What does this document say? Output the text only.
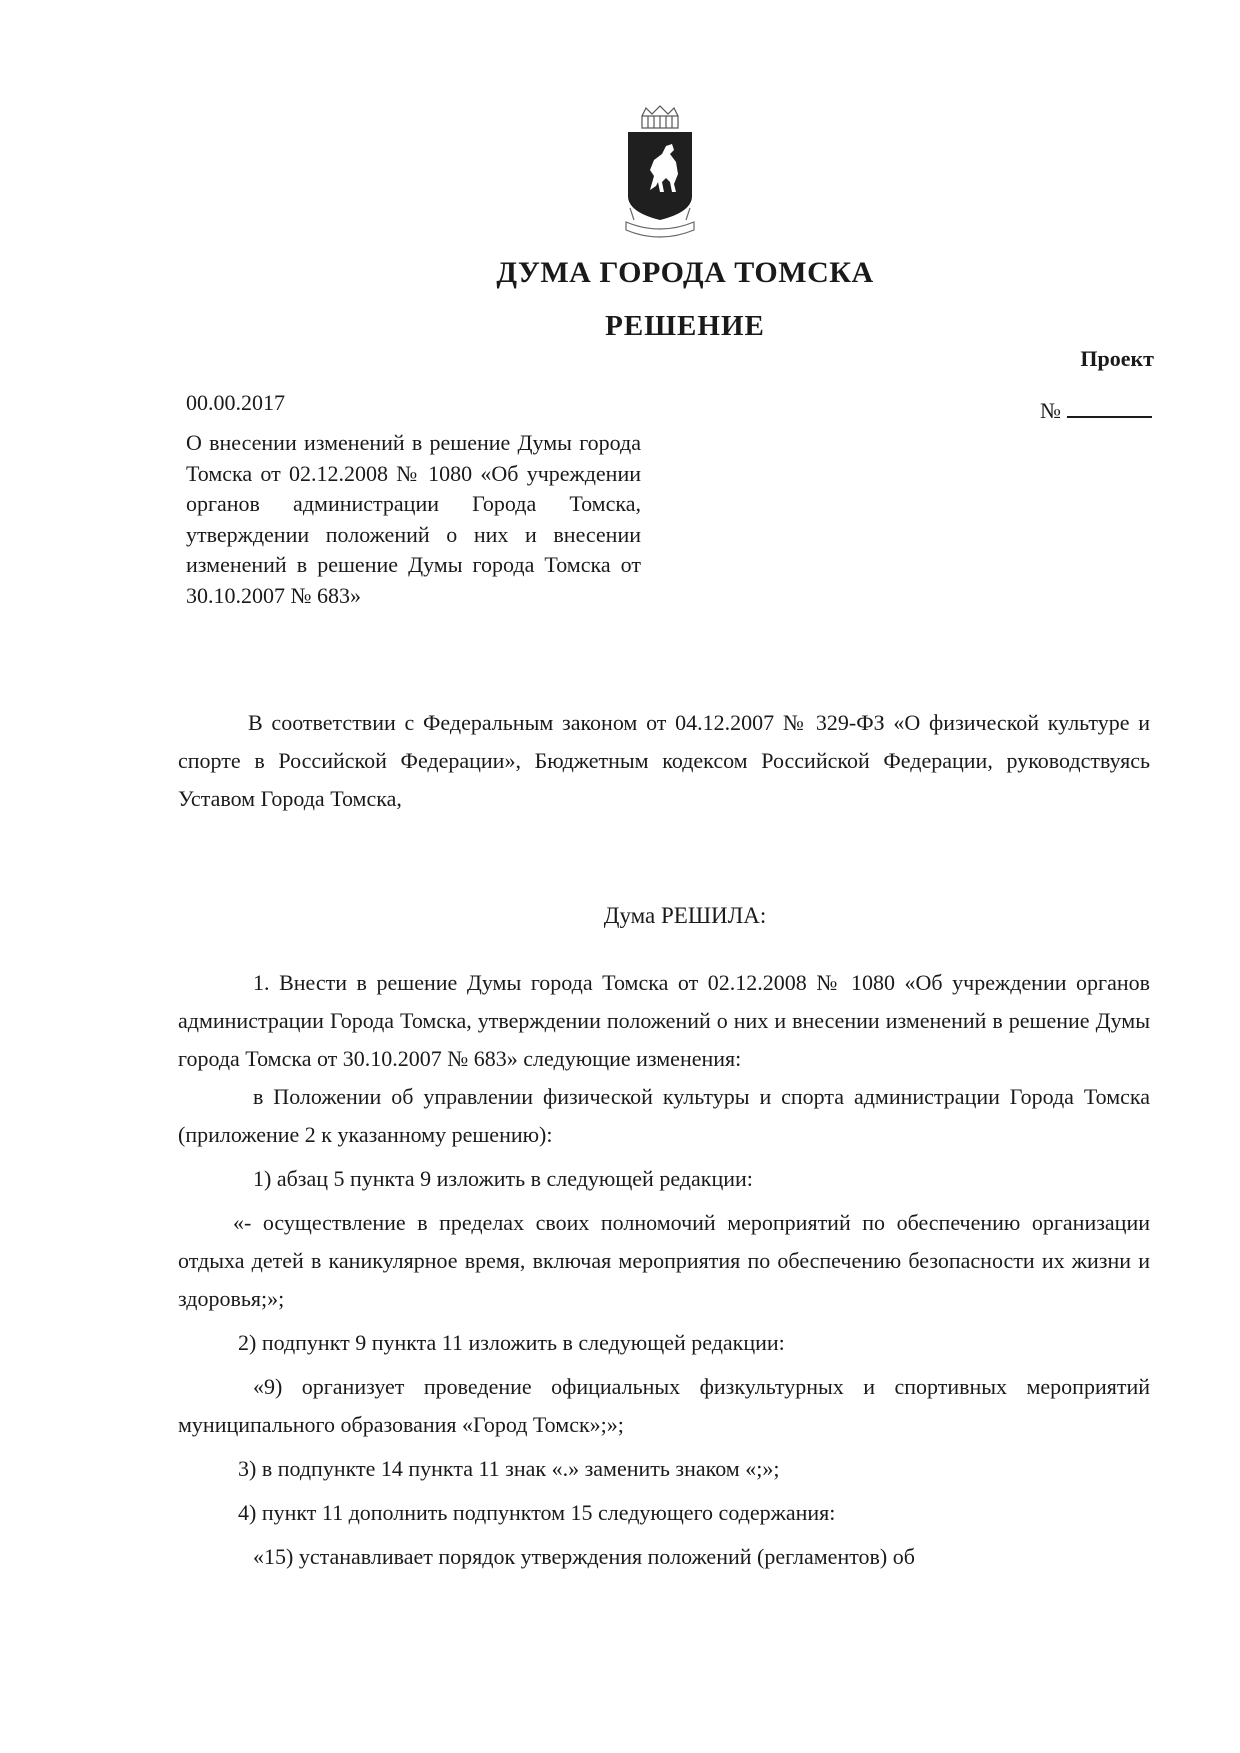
ДУМА ГОРОДА ТОМСКА
РЕШЕНИЕ
Проект
00.00.2017	№
О внесении изменений в решение Думы города Томска от 02.12.2008 № 1080 «Об учреждении органов администрации Города Томска, утверждении положений о них и внесении изменений в решение Думы города Томска от 30.10.2007 № 683»

В соответствии с Федеральным законом от 04.12.2007 № 329-ФЗ «О физической культуре и спорте в Российской Федерации», Бюджетным кодексом Российской Федерации, руководствуясь Уставом Города Томска,

Дума РЕШИЛА:

1. Внести в решение Думы города Томска от 02.12.2008 № 1080 «Об учреждении органов администрации Города Томска, утверждении положений о них и внесении изменений в решение Думы города Томска от 30.10.2007 № 683» следующие изменения:

в Положении об управлении физической культуры и спорта администрации Города Томска (приложение 2 к указанному решению):

1) абзац 5 пункта 9 изложить в следующей редакции:

«- осуществление в пределах своих полномочий мероприятий по обеспечению организации отдыха детей в каникулярное время, включая мероприятия по обеспечению безопасности их жизни и здоровья;»;

2) подпункт 9 пункта 11 изложить в следующей редакции:

«9) организует проведение официальных физкультурных и спортивных мероприятий муниципального образования «Город Томск»;»;

3) в подпункте 14 пункта 11 знак «.» заменить знаком «;»;

4) пункт 11 дополнить подпунктом 15 следующего содержания:

«15) устанавливает порядок утверждения положений (регламентов) об
